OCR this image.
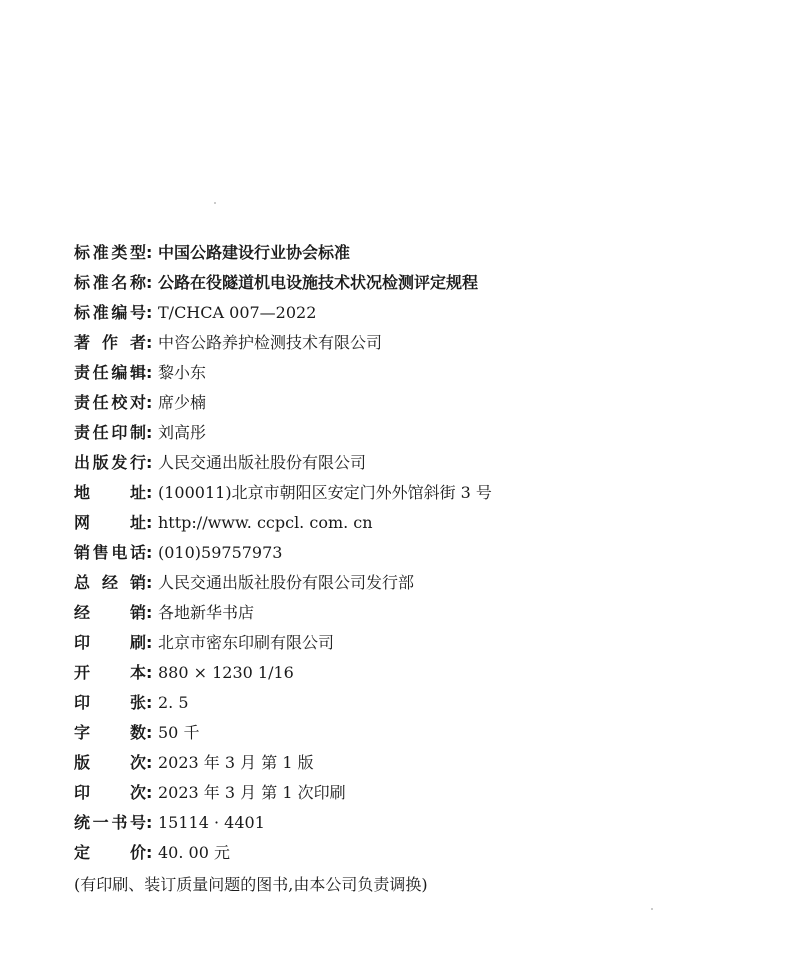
标准类型 : 中国公路建设行业协会标准
标准名称 : 公路在役隧道机电设施技术状况检测评定规程
标准编号 : T/CHCA 007—2022
著 作 者 : 中咨公路养护检测技术有限公司
责任编辑 : 黎小东
责任校对 : 席少楠
责任印制 : 刘高彤
出版发行 : 人民交通出版社股份有限公司
地 址 : (100011)北京市朝阳区安定门外外馆斜街 3 号
网 址 : http://www. ccpcl. com. cn
销售电话 : (010)59757973
总 经 销 : 人民交通出版社股份有限公司发行部
经 销 : 各地新华书店
印 刷 : 北京市密东印刷有限公司
开 本 : 880 × 1230 1/16
印 张 : 2. 5
字 数 : 50 千
版 次 : 2023 年 3 月 第 1 版
印 次 : 2023 年 3 月 第 1 次印刷
统一书号 : 15114 · 4401
定 价 : 40. 00 元
(有印刷、装订质量问题的图书,由本公司负责调换)
